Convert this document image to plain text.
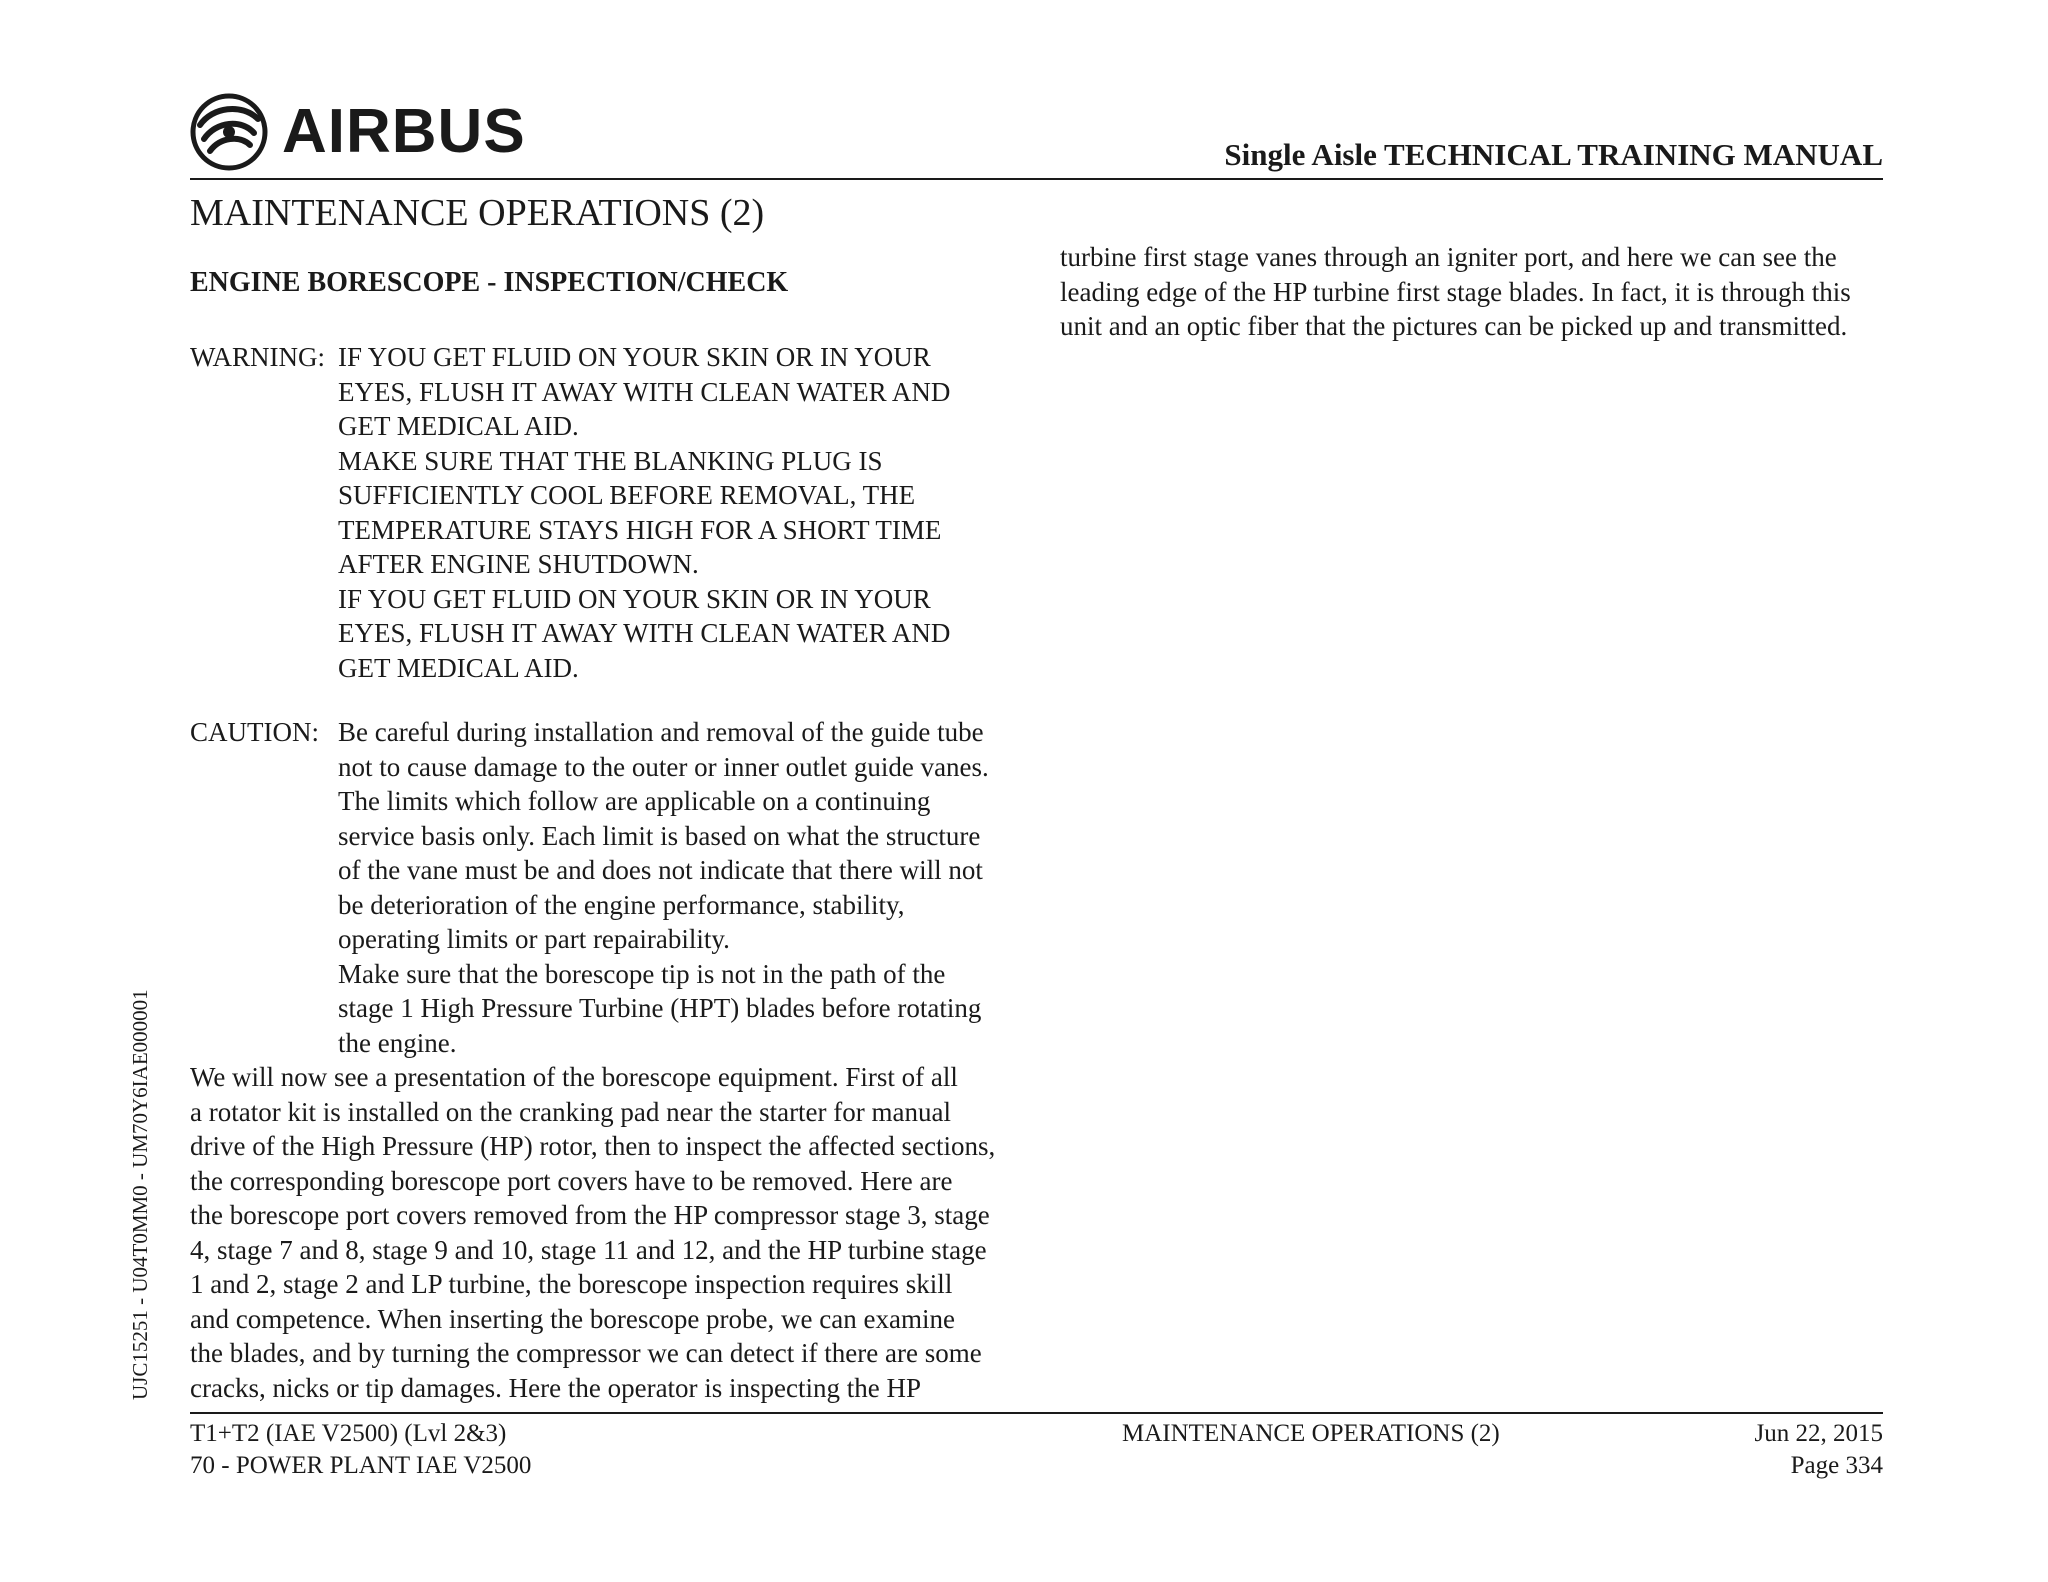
AIRBUS	Single Aisle TECHNICAL TRAINING MANUAL
MAINTENANCE OPERATIONS (2)
ENGINE BORESCOPE - INSPECTION/CHECK
WARNING: IF YOU GET FLUID ON YOUR SKIN OR IN YOUR
EYES, FLUSH IT AWAY WITH CLEAN WATER AND
GET MEDICAL AID.
MAKE SURE THAT THE BLANKING PLUG IS
SUFFICIENTLY COOL BEFORE REMOVAL, THE
TEMPERATURE STAYS HIGH FOR A SHORT TIME
AFTER ENGINE SHUTDOWN.
IF YOU GET FLUID ON YOUR SKIN OR IN YOUR
EYES, FLUSH IT AWAY WITH CLEAN WATER AND
GET MEDICAL AID.
CAUTION: Be careful during installation and removal of the guide tube
not to cause damage to the outer or inner outlet guide vanes.
The limits which follow are applicable on a continuing
service basis only. Each limit is based on what the structure
of the vane must be and does not indicate that there will not
be deterioration of the engine performance, stability,
operating limits or part repairability.
Make sure that the borescope tip is not in the path of the
stage 1 High Pressure Turbine (HPT) blades before rotating
the engine.
We will now see a presentation of the borescope equipment. First of all
a rotator kit is installed on the cranking pad near the starter for manual
drive of the High Pressure (HP) rotor, then to inspect the affected sections,
the corresponding borescope port covers have to be removed. Here are
the borescope port covers removed from the HP compressor stage 3, stage
4, stage 7 and 8, stage 9 and 10, stage 11 and 12, and the HP turbine stage
1 and 2, stage 2 and LP turbine, the borescope inspection requires skill
and competence. When inserting the borescope probe, we can examine
the blades, and by turning the compressor we can detect if there are some
cracks, nicks or tip damages. Here the operator is inspecting the HP
turbine first stage vanes through an igniter port, and here we can see the
leading edge of the HP turbine first stage blades. In fact, it is through this
unit and an optic fiber that the pictures can be picked up and transmitted.
UJC15251 - U04T0MM0 - UM70Y6IAE000001
T1+T2 (IAE V2500) (Lvl 2&3)
70 - POWER PLANT IAE V2500
MAINTENANCE OPERATIONS (2)	Jun 22, 2015
Page 334
